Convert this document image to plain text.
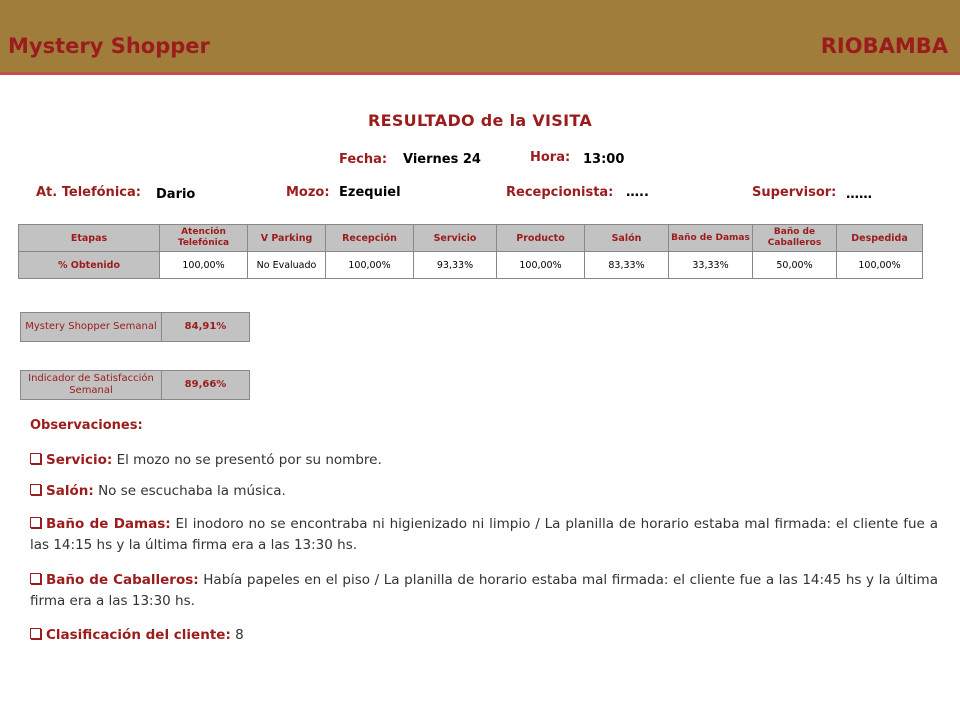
Mystery Shopper	RIOBAMBA
RESULTADO de la VISITA
Fecha: Viernes 24	Hora: 13:00
At. Telefónica: Dario	Mozo: Ezequiel	Recepcionista: …..	Supervisor: ……
Etapas	Atención Telefónica	V Parking	Recepción	Servicio	Producto	Salón	Baño de Damas	Baño de Caballeros	Despedida
% Obtenido	100,00%	No Evaluado	100,00%	93,33%	100,00%	83,33%	33,33%	50,00%	100,00%
Mystery Shopper Semanal	84,91%
Indicador de Satisfacción Semanal	89,66%
Observaciones:
Servicio: El mozo no se presentó por su nombre.
Salón: No se escuchaba la música.
Baño de Damas: El inodoro no se encontraba ni higienizado ni limpio / La planilla de horario estaba mal firmada: el cliente fue a las 14:15 hs y la última firma era a las 13:30 hs.
Baño de Caballeros: Había papeles en el piso / La planilla de horario estaba mal firmada: el cliente fue a las 14:45 hs y la última firma era a las 13:30 hs.
Clasificación del cliente: 8
